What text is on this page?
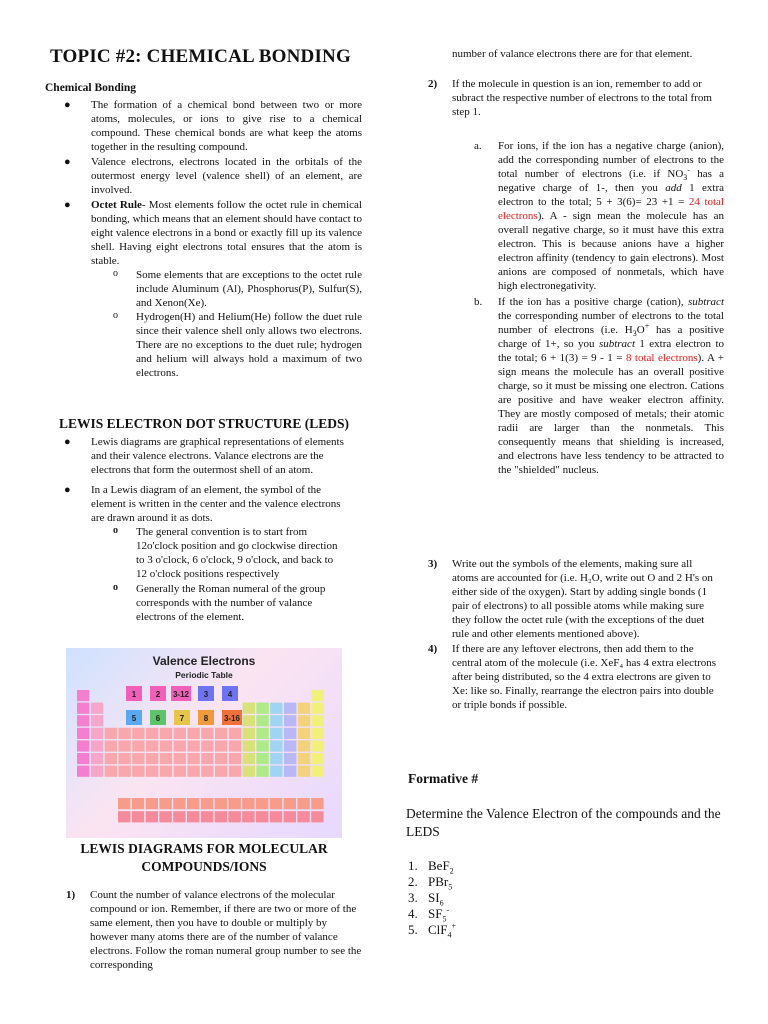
TOPIC #2: CHEMICAL BONDING
Chemical Bonding
● The formation of a chemical bond between two or more atoms, molecules, or ions to give rise to a chemical compound. These chemical bonds are what keep the atoms together in the resulting compound.
● Valence electrons, electrons located in the orbitals of the outermost energy level (valence shell) of an element, are involved.
● Octet Rule- Most elements follow the octet rule in chemical bonding, which means that an element should have contact to eight valence electrons in a bond or exactly fill up its valence shell. Having eight electrons total ensures that the atom is stable.
o Some elements that are exceptions to the octet rule include Aluminum (Al), Phosphorus(P), Sulfur(S), and Xenon(Xe).
o Hydrogen(H) and Helium(He) follow the duet rule since their valence shell only allows two electrons. There are no exceptions to the duet rule; hydrogen and helium will always hold a maximum of two electrons.
LEWIS ELECTRON DOT STRUCTURE (LEDS)
● Lewis diagrams are graphical representations of elements and their valence electrons. Valance electrons are the electrons that form the outermost shell of an atom.
● In a Lewis diagram of an element, the symbol of the element is written in the center and the valence electrons are drawn around it as dots.
o The general convention is to start from 12o'clock position and go clockwise direction to 3 o'clock, 6 o'clock, 9 o'clock, and back to 12 o'clock positions respectively
o Generally the Roman numeral of the group corresponds with the number of valance electrons of the element.
Valence Electrons
Periodic Table
1 2 3-12 3 4
5 6 7 8 3-16
LEWIS DIAGRAMS FOR MOLECULAR
COMPOUNDS/IONS
1) Count the number of valance electrons of the molecular compound or ion. Remember, if there are two or more of the same element, then you have to double or multiply by however many atoms there are of the number of valance electrons. Follow the roman numeral group number to see the corresponding
number of valance electrons there are for that element.
2) If the molecule in question is an ion, remember to add or subract the respective number of electrons to the total from step 1.
a. For ions, if the ion has a negative charge (anion), add the corresponding number of electrons to the total number of electrons (i.e. if $NO_3^-$ has a negative charge of 1-, then you add 1 extra electron to the total; 5 + 3(6)= 23 +1 = 24 total electrons). A - sign mean the molecule has an overall negative charge, so it must have this extra electron. This is because anions have a higher electron affinity (tendency to gain electrons). Most anions are composed of nonmetals, which have high electronegativity.
b. If the ion has a positive charge (cation), subtract the corresponding number of electrons to the total number of electrons (i.e. $H_3O^+$ has a positive charge of 1+, so you subtract 1 extra electron to the total; 6 + 1(3) = 9 - 1 = 8 total electrons). A + sign means the molecule has an overall positive charge, so it must be missing one electron. Cations are positive and have weaker electron affinity. They are mostly composed of metals; their atomic radii are larger than the nonmetals. This consequently means that shielding is increased, and electrons have less tendency to be attracted to the "shielded" nucleus.
3) Write out the symbols of the elements, making sure all atoms are accounted for (i.e. H₂O, write out O and 2 H's on either side of the oxygen). Start by adding single bonds (1 pair of electrons) to all possible atoms while making sure they follow the octet rule (with the exceptions of the duet rule and other elements mentioned above).
4) If there are any leftover electrons, then add them to the central atom of the molecule (i.e. XeF₄ has 4 extra electrons after being distributed, so the 4 extra electrons are given to Xe: like so. Finally, rearrange the electron pairs into double or triple bonds if possible.
Formative #
Determine the Valence Electron of the compounds and the LEDS
1. BeF$_2$
2. PBr$_5$
3. $SI_6$
4. $SF_5^-$
5. ClF$_4$+
